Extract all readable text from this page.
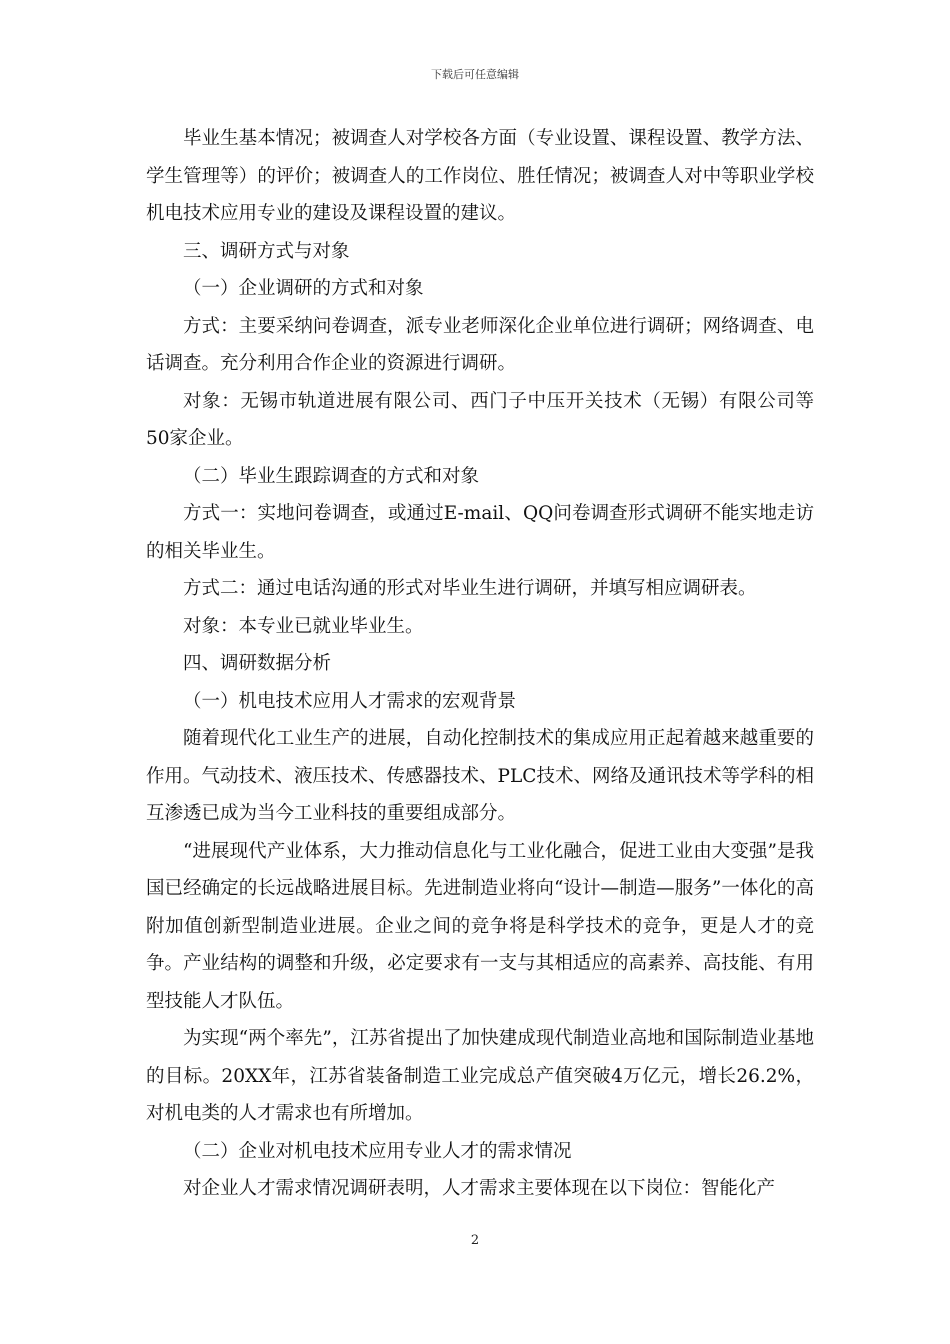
下载后可任意编辑

毕业生基本情况；被调查人对学校各方面（专业设置、课程设置、教学方法、学生管理等）的评价；被调查人的工作岗位、胜任情况；被调查人对中等职业学校机电技术应用专业的建设及课程设置的建议。

三、调研方式与对象

（一）企业调研的方式和对象

方式：主要采纳问卷调查，派专业老师深化企业单位进行调研；网络调查、电话调查。充分利用合作企业的资源进行调研。

对象：无锡市轨道进展有限公司、西门子中压开关技术（无锡）有限公司等50家企业。

（二）毕业生跟踪调查的方式和对象

方式一：实地问卷调查，或通过E-mail、QQ问卷调查形式调研不能实地走访的相关毕业生。

方式二：通过电话沟通的形式对毕业生进行调研，并填写相应调研表。

对象：本专业已就业毕业生。

四、调研数据分析

（一）机电技术应用人才需求的宏观背景

随着现代化工业生产的进展，自动化控制技术的集成应用正起着越来越重要的作用。气动技术、液压技术、传感器技术、PLC技术、网络及通讯技术等学科的相互渗透已成为当今工业科技的重要组成部分。

“进展现代产业体系，大力推动信息化与工业化融合，促进工业由大变强”是我国已经确定的长远战略进展目标。先进制造业将向“设计—制造—服务”一体化的高附加值创新型制造业进展。企业之间的竞争将是科学技术的竞争，更是人才的竞争。产业结构的调整和升级，必定要求有一支与其相适应的高素养、高技能、有用型技能人才队伍。

为实现“两个率先”，江苏省提出了加快建成现代制造业高地和国际制造业基地的目标。20XX年，江苏省装备制造工业完成总产值突破4万亿元，增长26.2%，对机电类的人才需求也有所增加。

（二）企业对机电技术应用专业人才的需求情况

对企业人才需求情况调研表明，人才需求主要体现在以下岗位：智能化产

2
